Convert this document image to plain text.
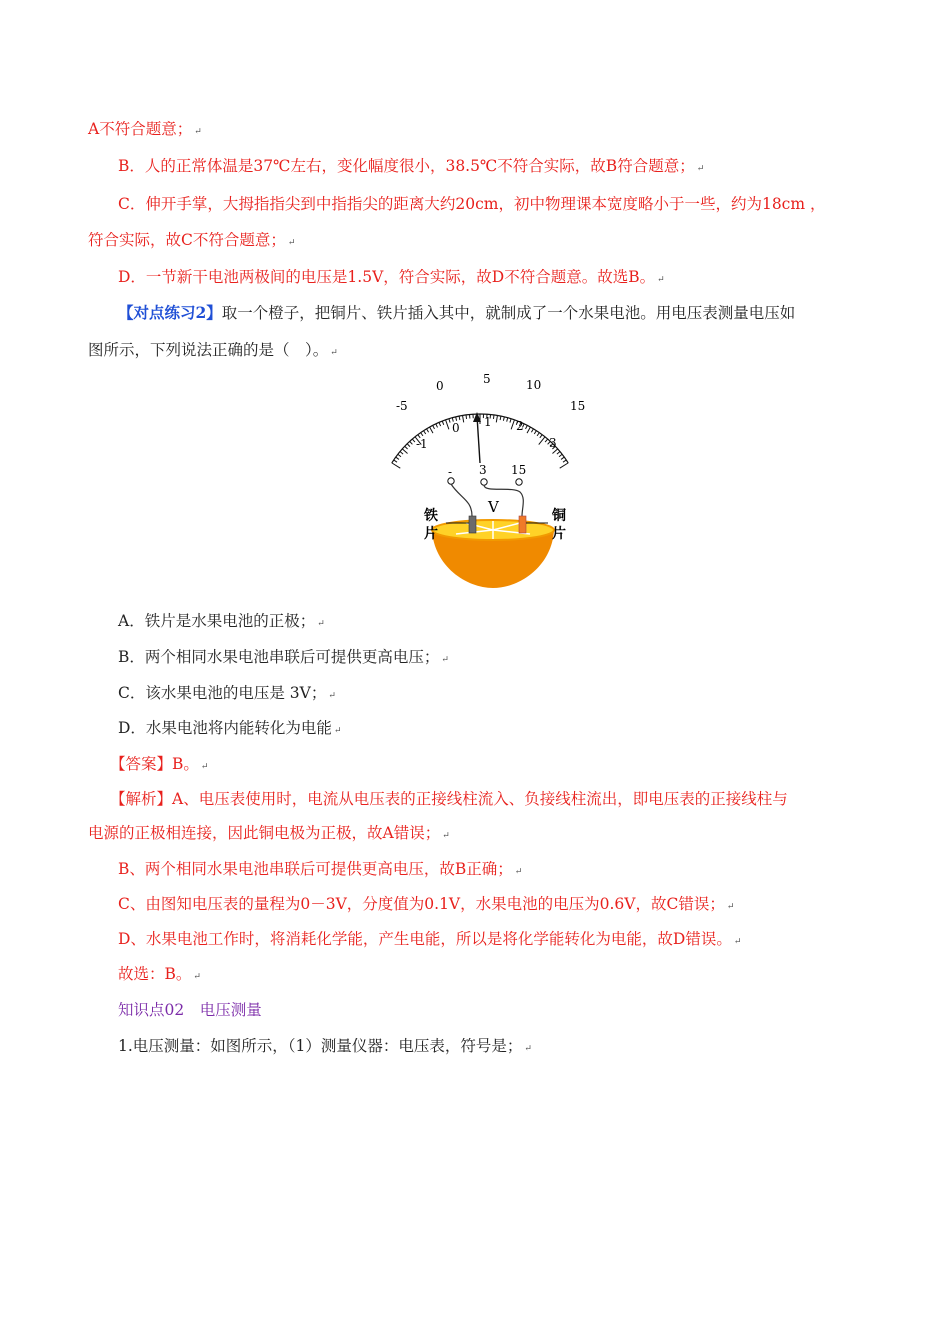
A不符合题意； ↵
B．人的正常体温是37℃左右，变化幅度很小，38.5℃不符合实际，故B符合题意； ↵
C．伸开手掌，大拇指指尖到中指指尖的距离大约20cm，初中物理课本宽度略小于一些，约为18cm ，
符合实际，故C不符合题意； ↵
D．一节新干电池两极间的电压是1.5V，符合实际，故D不符合题意。故选B。 ↵
【对点练习2】取一个橙子，把铜片、铁片插入其中，就制成了一个水果电池。用电压表测量电压如
图所示，下列说法正确的是（　）。 ↵
-5
0	5	10
15
-1
0 1 2
3
- 3 15
V
铁
片
铜
片
A．铁片是水果电池的正极； ↵
B．两个相同水果电池串联后可提供更高电压； ↵
C．该水果电池的电压是 3V； ↵
D．水果电池将内能转化为电能 ↵
【答案】B。 ↵
【解析】A、电压表使用时，电流从电压表的正接线柱流入、负接线柱流出，即电压表的正接线柱与
电源的正极相连接，因此铜电极为正极，故A错误； ↵
B、两个相同水果电池串联后可提供更高电压，故B正确； ↵
C、由图知电压表的量程为0－3V，分度值为0.1V，水果电池的电压为0.6V，故C错误； ↵
D、水果电池工作时，将消耗化学能，产生电能，所以是将化学能转化为电能，故D错误。 ↵
故选：B。 ↵
知识点02　电压测量
1.电压测量：如图所示，（1）测量仪器：电压表，符号是； ↵
